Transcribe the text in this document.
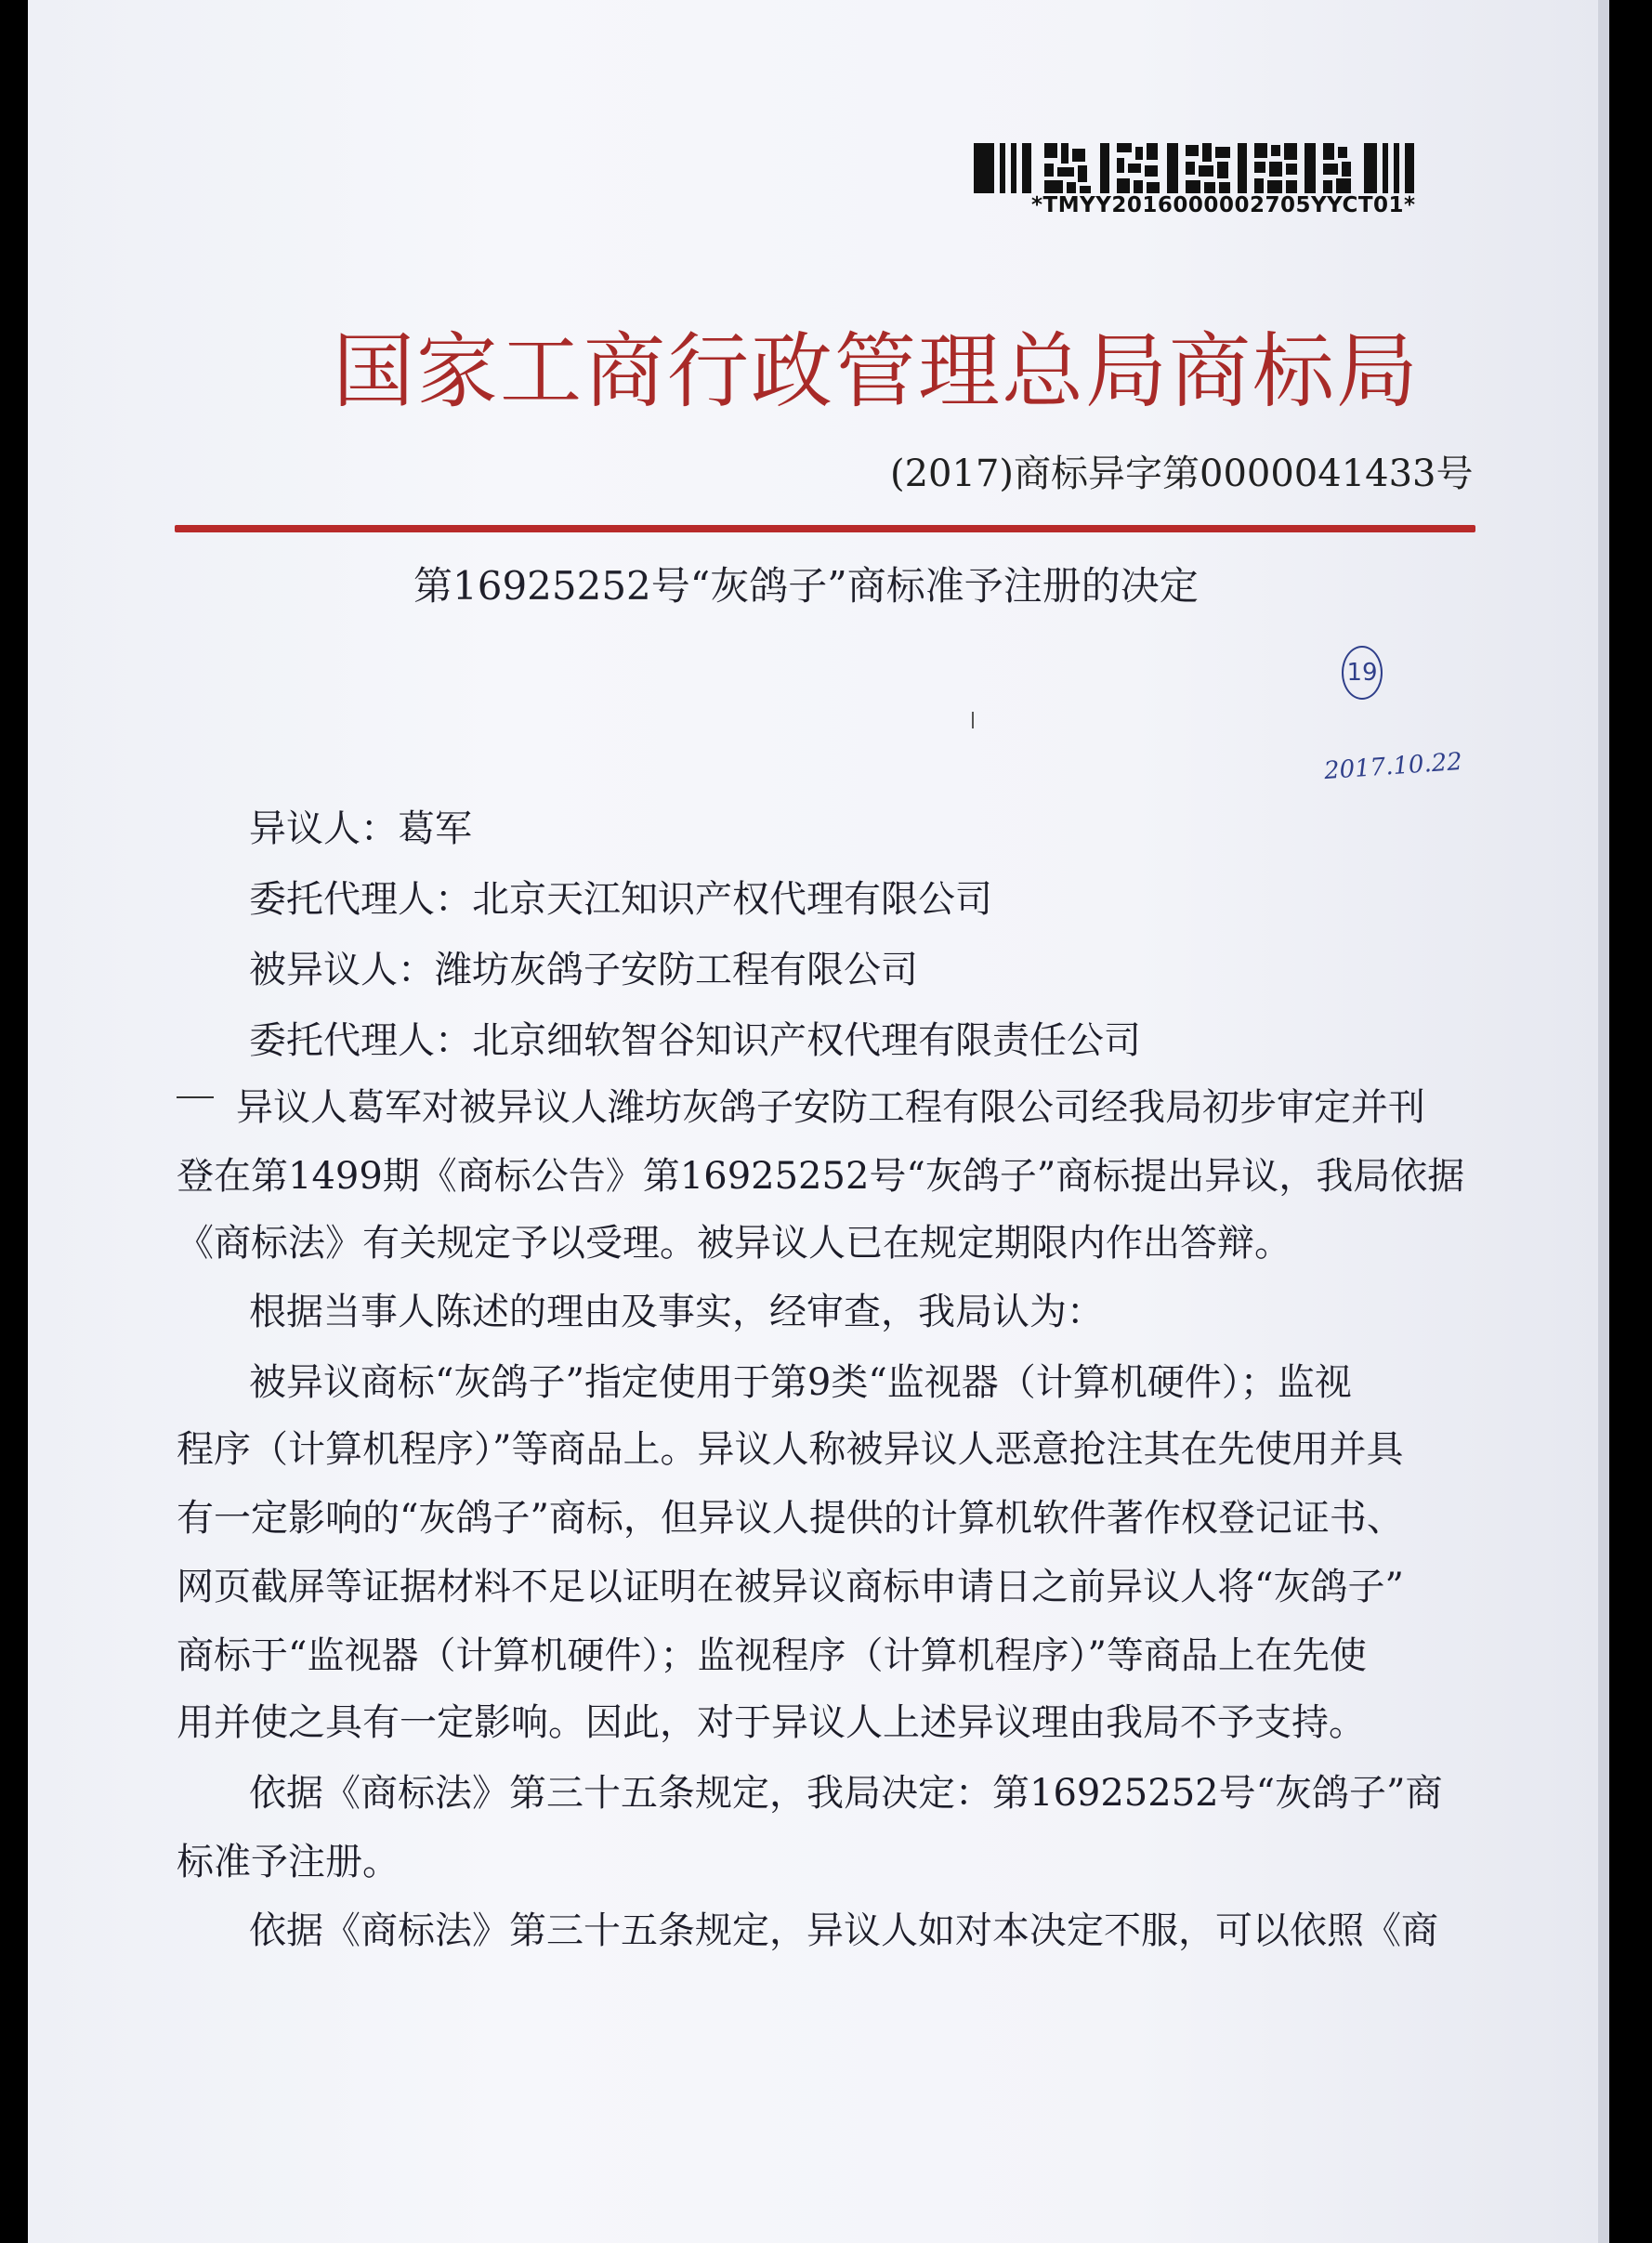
*TMYY2016000002705YYCT01*
国家工商行政管理总局商标局
(2017)商标异字第0000041433号
第16925252号“灰鸽子”商标准予注册的决定
19
2017.10.22
异议人：葛军
委托代理人：北京天江知识产权代理有限公司
被异议人：潍坊灰鸽子安防工程有限公司
委托代理人：北京细软智谷知识产权代理有限责任公司
异议人葛军对被异议人潍坊灰鸽子安防工程有限公司经我局初步审定并刊
登在第1499期《商标公告》第16925252号“灰鸽子”商标提出异议，我局依据
《商标法》有关规定予以受理。被异议人已在规定期限内作出答辩。
根据当事人陈述的理由及事实，经审查，我局认为：
被异议商标“灰鸽子”指定使用于第9类“监视器（计算机硬件）；监视
程序（计算机程序）”等商品上。异议人称被异议人恶意抢注其在先使用并具
有一定影响的“灰鸽子”商标，但异议人提供的计算机软件著作权登记证书、
网页截屏等证据材料不足以证明在被异议商标申请日之前异议人将“灰鸽子”
商标于“监视器（计算机硬件）；监视程序（计算机程序）”等商品上在先使
用并使之具有一定影响。因此，对于异议人上述异议理由我局不予支持。
依据《商标法》第三十五条规定，我局决定：第16925252号“灰鸽子”商
标准予注册。
依据《商标法》第三十五条规定，异议人如对本决定不服，可以依照《商
